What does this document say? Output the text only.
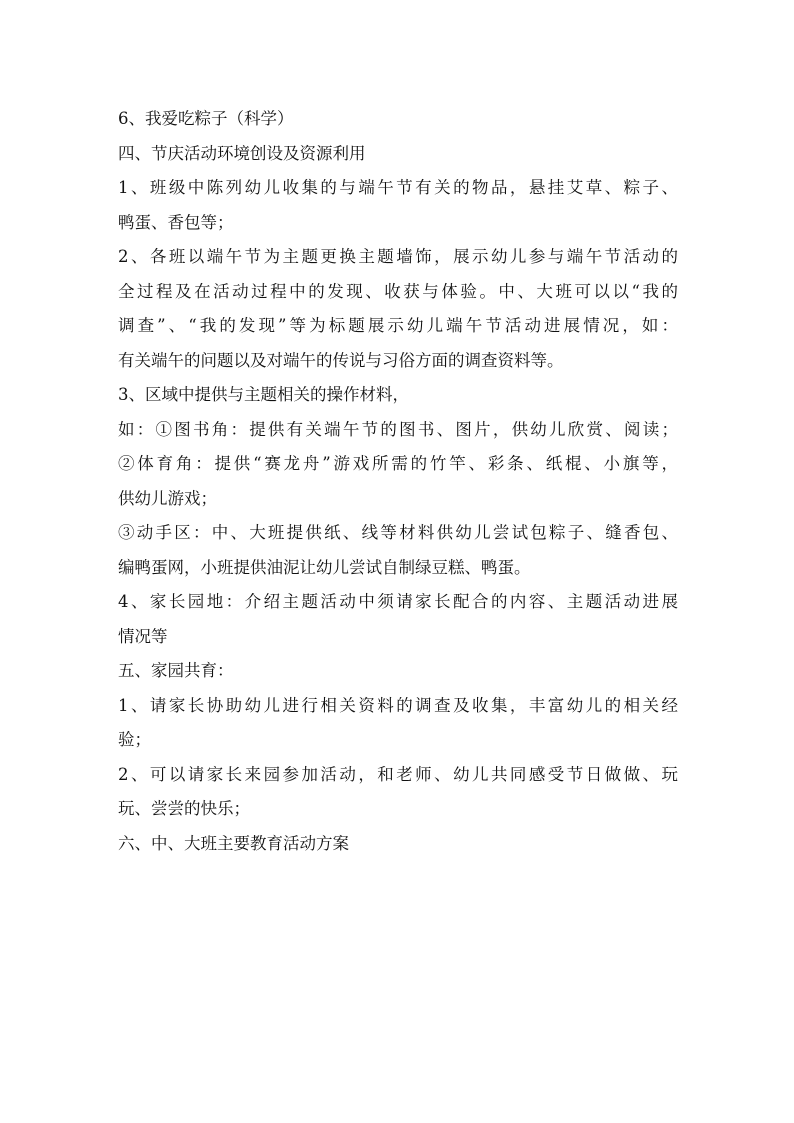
6、我爱吃粽子（科学）

四、节庆活动环境创设及资源利用

1、班级中陈列幼儿收集的与端午节有关的物品，悬挂艾草、粽子、

鸭蛋、香包等；

2、各班以端午节为主题更换主题墙饰，展示幼儿参与端午节活动的

全过程及在活动过程中的发现、收获与体验。中、大班可以以“我的

调查”、“我的发现”等为标题展示幼儿端午节活动进展情况，如：

有关端午的问题以及对端午的传说与习俗方面的调查资料等。

3、区域中提供与主题相关的操作材料，

如：①图书角：提供有关端午节的图书、图片，供幼儿欣赏、阅读；

②体育角：提供“赛龙舟”游戏所需的竹竿、彩条、纸棍、小旗等，

供幼儿游戏；

③动手区：中、大班提供纸、线等材料供幼儿尝试包粽子、缝香包、

编鸭蛋网，小班提供油泥让幼儿尝试自制绿豆糕、鸭蛋。

4、家长园地：介绍主题活动中须请家长配合的内容、主题活动进展

情况等

五、家园共育：

1、请家长协助幼儿进行相关资料的调查及收集，丰富幼儿的相关经

验；

2、可以请家长来园参加活动，和老师、幼儿共同感受节日做做、玩

玩、尝尝的快乐；

六、中、大班主要教育活动方案
